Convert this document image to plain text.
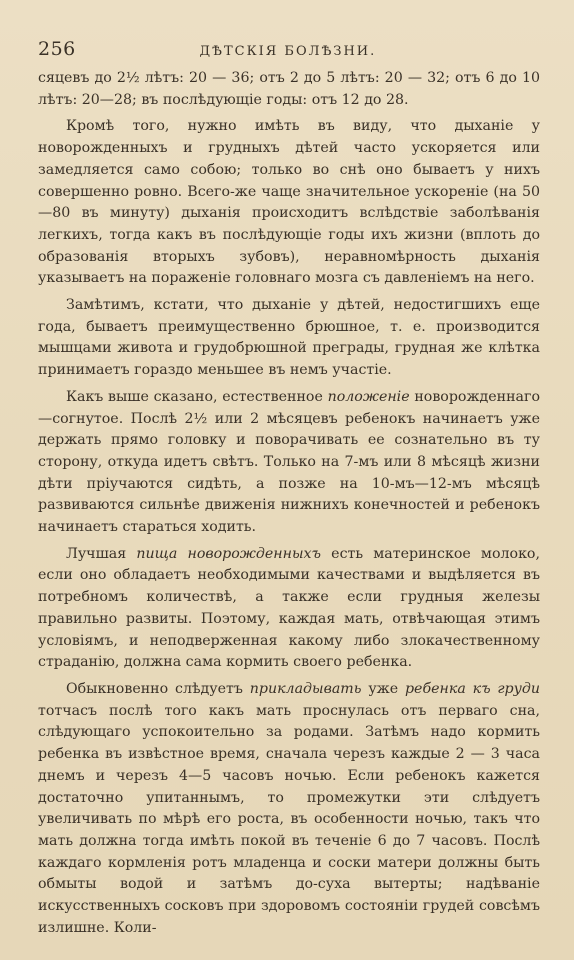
256	ДѢТСКІЯ БОЛѢЗНИ.

сяцевъ до 2½ лѣтъ: 20 — 36; отъ 2 до 5 лѣтъ: 20 — 32; отъ 6 до 10 лѣтъ: 20—28; въ послѣдующіе годы: отъ 12 до 28.

Кромѣ того, нужно имѣть въ виду, что дыханіе у новорожденныхъ и грудныхъ дѣтей часто ускоряется или замедляется само собою; только во снѣ оно бываетъ у нихъ совершенно ровно. Всего-же чаще значительное ускореніе (на 50—80 въ минуту) дыханія происходитъ вслѣдствіе заболѣванія легкихъ, тогда какъ въ послѣдующіе годы ихъ жизни (вплоть до образованія вторыхъ зубовъ), неравномѣрность дыханія указываетъ на пораженіе головнаго мозга съ давленіемъ на него.

Замѣтимъ, кстати, что дыханіе у дѣтей, недостигшихъ еще года, бываетъ преимущественно брюшное, т. е. производится мышцами живота и грудобрюшной преграды, грудная же клѣтка принимаетъ гораздо меньшее въ немъ участіе.

Какъ выше сказано, естественное положеніе новорожденнаго—согнутое. Послѣ 2½ или 2 мѣсяцевъ ребенокъ начинаетъ уже держать прямо головку и поворачивать ее сознательно въ ту сторону, откуда идетъ свѣтъ. Только на 7-мъ или 8 мѣсяцѣ жизни дѣти пріучаются сидѣть, а позже на 10-мъ—12-мъ мѣсяцѣ развиваются сильнѣе движенія нижнихъ конечностей и ребенокъ начинаетъ стараться ходить.

Лучшая пища новорожденныхъ есть материнское молоко, если оно обладаетъ необходимыми качествами и выдѣляется въ потребномъ количествѣ, а также если грудныя железы правильно развиты. Поэтому, каждая мать, отвѣчающая этимъ условіямъ, и неподверженная какому либо злокачественному страданію, должна сама кормить своего ребенка.

Обыкновенно слѣдуетъ прикладывать уже ребенка къ груди тотчасъ послѣ того какъ мать проснулась отъ перваго сна, слѣдующаго успокоительно за родами. Затѣмъ надо кормить ребенка въ извѣстное время, сначала черезъ каждые 2 — 3 часа днемъ и черезъ 4—5 часовъ ночью. Если ребенокъ кажется достаточно упитаннымъ, то промежутки эти слѣдуетъ увеличивать по мѣрѣ его роста, въ особенности ночью, такъ что мать должна тогда имѣть покой въ теченіе 6 до 7 часовъ. Послѣ каждаго кормленія ротъ младенца и соски матери должны быть обмыты водой и затѣмъ до-суха вытерты; надѣваніе искусственныхъ сосковъ при здоровомъ состояніи грудей совсѣмъ излишне. Коли-
